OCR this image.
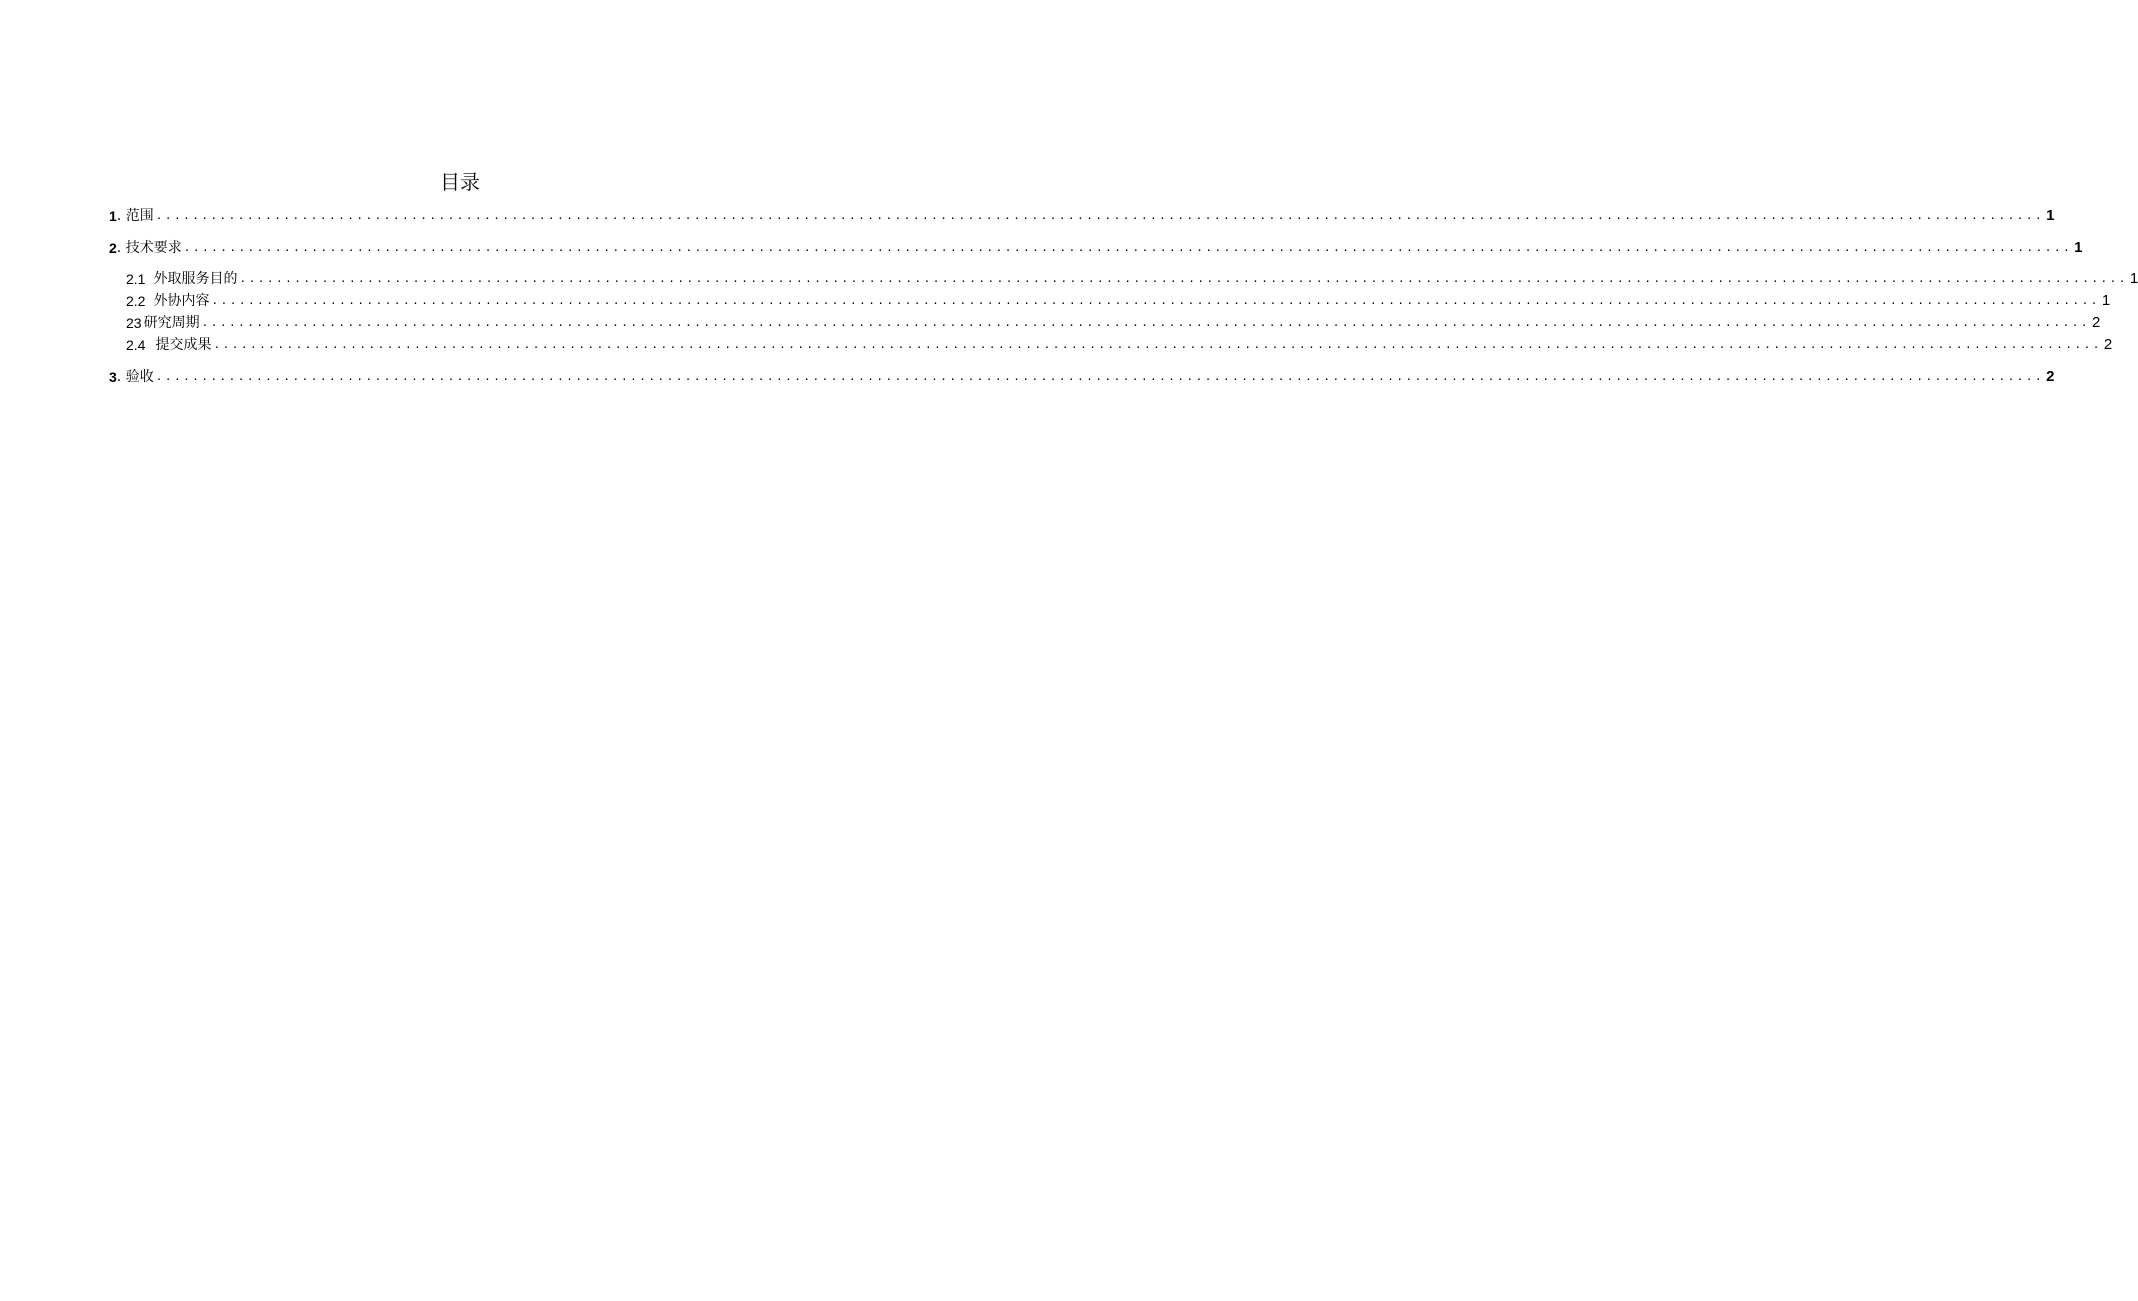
目录
1 . 范围 ............................................................................................................................................................................................................... 1
2 . 技术要求 ............................................................................................................................................................................................................... 1
2.1 外取服务目的 ............................................................................................................................................................................................................... 1
2.2 外协内容 ............................................................................................................................................................................................................... 1
23 研究周期 ............................................................................................................................................................................................................... 2
2.4 提交成果 ............................................................................................................................................................................................................... 2
3 . 验收 ............................................................................................................................................................................................................... 2
